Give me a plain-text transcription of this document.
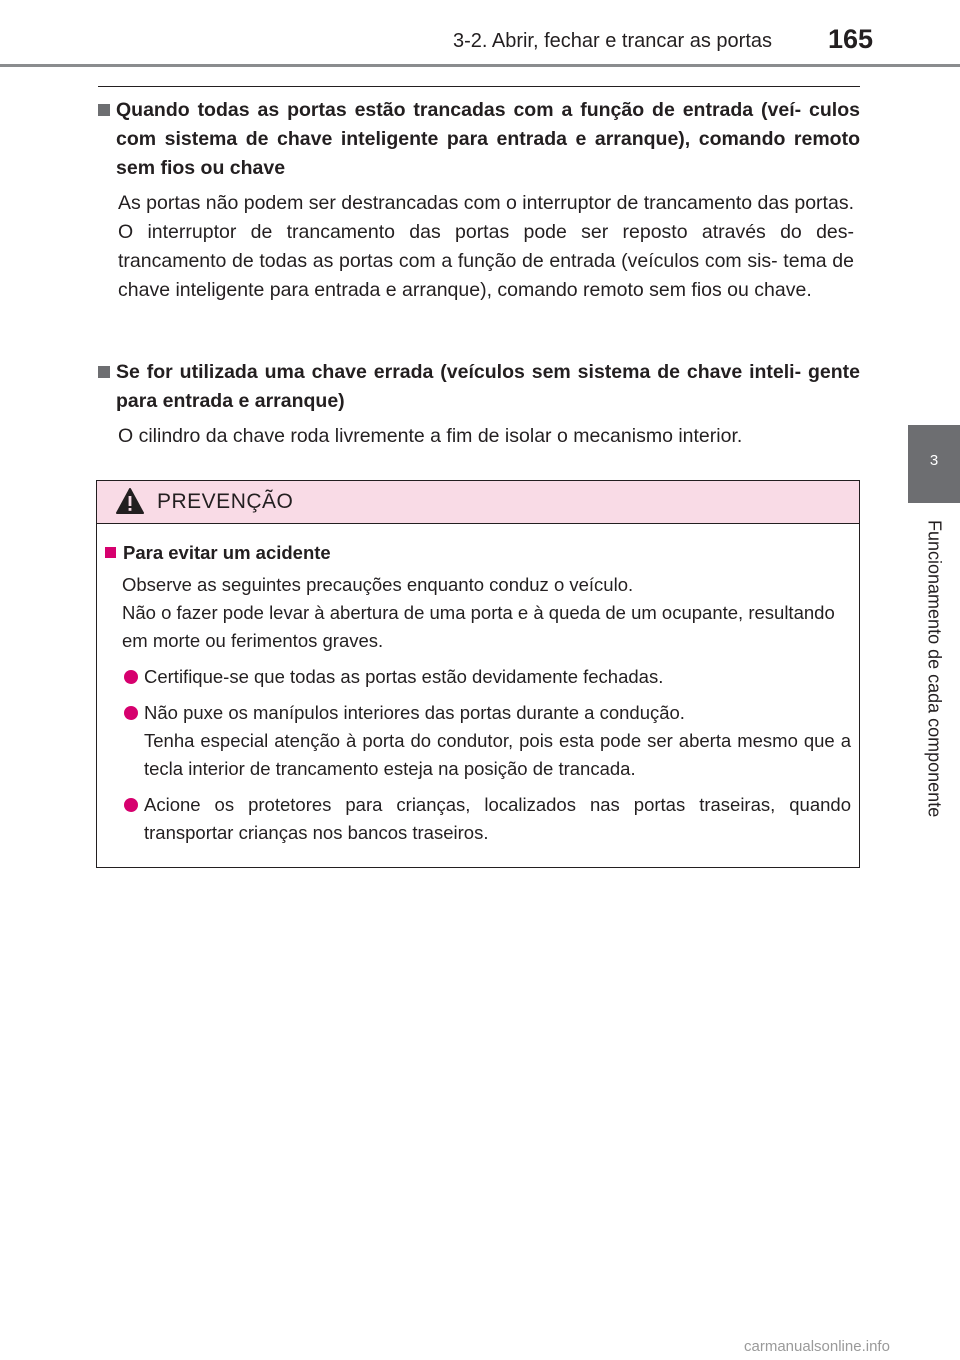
3-2. Abrir, fechar e trancar as portas 165
3
Funcionamento de cada componente
Quando todas as portas estão trancadas com a função de entrada (veí- culos com sistema de chave inteligente para entrada e arranque), comando remoto sem fios ou chave

As portas não podem ser destrancadas com o interruptor de trancamento das portas.

O interruptor de trancamento das portas pode ser reposto através do des- trancamento de todas as portas com a função de entrada (veículos com sis- tema de chave inteligente para entrada e arranque), comando remoto sem fios ou chave.

Se for utilizada uma chave errada (veículos sem sistema de chave inteli- gente para entrada e arranque)

O cilindro da chave roda livremente a fim de isolar o mecanismo interior.

PREVENÇÃO
Para evitar um acidente

Observe as seguintes precauções enquanto conduz o veículo.

Não o fazer pode levar à abertura de uma porta e à queda de um ocupante, resultando em morte ou ferimentos graves.

Certifique-se que todas as portas estão devidamente fechadas.

Não puxe os manípulos interiores das portas durante a condução.

Tenha especial atenção à porta do condutor, pois esta pode ser aberta mesmo que a tecla interior de trancamento esteja na posição de trancada.

Acione os protetores para crianças, localizados nas portas traseiras, quando transportar crianças nos bancos traseiros.

carmanualsonline.info
